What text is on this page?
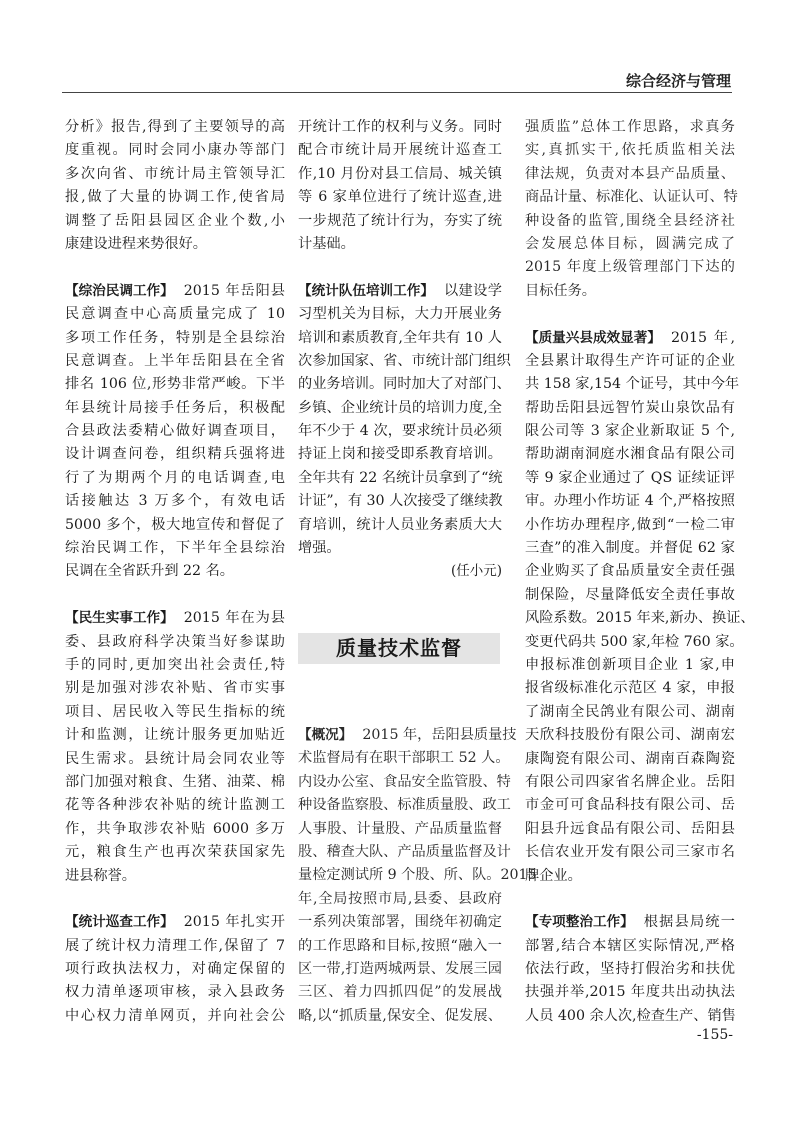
综合经济与管理
分析》报告,得到了主要领导的高
度重视。同时会同小康办等部门
多次向省、市统计局主管领导汇
报,做了大量的协调工作,使省局
调整了岳阳县园区企业个数,小
康建设进程来势很好。
【综治民调工作】 2015 年岳阳县
民意调查中心高质量完成了 10
多项工作任务，特别是全县综治
民意调查。上半年岳阳县在全省
排名 106 位,形势非常严峻。下半
年县统计局接手任务后，积极配
合县政法委精心做好调查项目，
设计调查问卷，组织精兵强将进
行了为期两个月的电话调查,电
话接触达 3 万多个，有效电话
5000 多个，极大地宣传和督促了
综治民调工作，下半年全县综治
民调在全省跃升到 22 名。
【民生实事工作】 2015 年在为县
委、县政府科学决策当好参谋助
手的同时,更加突出社会责任,特
别是加强对涉农补贴、省市实事
项目、居民收入等民生指标的统
计和监测，让统计服务更加贴近
民生需求。县统计局会同农业等
部门加强对粮食、生猪、油菜、棉
花等各种涉农补贴的统计监测工
作，共争取涉农补贴 6000 多万
元，粮食生产也再次荣获国家先
进县称誉。
【统计巡查工作】 2015 年扎实开
展了统计权力清理工作,保留了 7
项行政执法权力，对确定保留的
权力清单逐项审核，录入县政务
中心权力清单网页，并向社会公
开统计工作的权利与义务。同时
配合市统计局开展统计巡查工
作,10 月份对县工信局、城关镇
等 6 家单位进行了统计巡查,进
一步规范了统计行为，夯实了统
计基础。
【统计队伍培训工作】 以建设学
习型机关为目标，大力开展业务
培训和素质教育,全年共有 10 人
次参加国家、省、市统计部门组织
的业务培训。同时加大了对部门、
乡镇、企业统计员的培训力度,全
年不少于 4 次，要求统计员必须
持证上岗和接受即系教育培训。
全年共有 22 名统计员拿到了“统
计证”，有 30 人次接受了继续教
育培训，统计人员业务素质大大
增强。
(任小元)
强质监”总体工作思路，求真务
实,真抓实干,依托质监相关法
律法规，负责对本县产品质量、
商品计量、标准化、认证认可、特
种设备的监管,围绕全县经济社
会发展总体目标，圆满完成了
2015 年度上级管理部门下达的
目标任务。
【质量兴县成效显著】 2015 年,
全县累计取得生产许可证的企业
共 158 家,154 个证号，其中今年
帮助岳阳县远智竹炭山泉饮品有
限公司等 3 家企业新取证 5 个,
帮助湖南洞庭水湘食品有限公司
等 9 家企业通过了 QS 证续证评
审。办理小作坊证 4 个,严格按照
小作坊办理程序,做到“一检二审
三查”的准入制度。并督促 62 家
企业购买了食品质量安全责任强
制保险，尽量降低安全责任事故
风险系数。2015 年来,新办、换证、
变更代码共 500 家,年检 760 家。
申报标准创新项目企业 1 家,申
报省级标准化示范区 4 家，申报
了湖南全民鸽业有限公司、湖南
天欣科技股份有限公司、湖南宏
康陶瓷有限公司、湖南百森陶瓷
有限公司四家省名牌企业。岳阳
市金可可食品科技有限公司、岳
阳县升远食品有限公司、岳阳县
长信农业开发有限公司三家市名
牌企业。
【专项整治工作】 根据县局统一
部署,结合本辖区实际情况,严格
依法行政，坚持打假治劣和扶优
扶强并举,2015 年度共出动执法
人员 400 余人次,检查生产、销售
质量技术监督
【概况】 2015 年，岳阳县质量技
术监督局有在职干部职工 52 人。
内设办公室、食品安全监管股、特
种设备监察股、标准质量股、政工
人事股、计量股、产品质量监督
股、稽查大队、产品质量监督及计
量检定测试所 9 个股、所、队。2015
年,全局按照市局,县委、县政府
一系列决策部署，围绕年初确定
的工作思路和目标,按照“融入一
区一带,打造两城两景、发展三园
三区、着力四抓四促”的发展战
略,以“抓质量,保安全、促发展、
-155-
